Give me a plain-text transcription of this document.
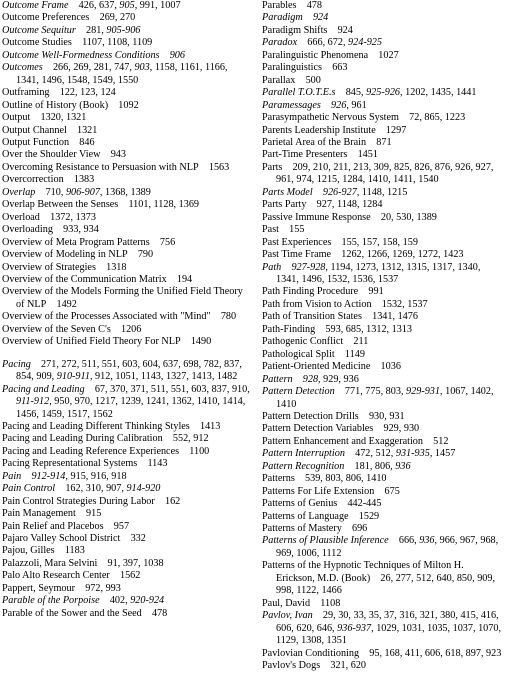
Outcome Frame  426, 637, 905, 991, 1007
Outcome Preferences  269, 270
Outcome Sequitur  281, 905-906
Outcome Studies  1107, 1108, 1109
Outcome Well-Formedness Conditions  906
Outcomes  266, 269, 281, 747, 903, 1158, 1161, 1166, 1341, 1496, 1548, 1549, 1550
Outframing  122, 123, 124
Outline of History (Book)  1092
Output  1320, 1321
Output Channel  1321
Output Function  846
Over the Shoulder View  943
Overcoming Resistance to Persuasion with NLP  1563
Overcorrection  1383
Overlap  710, 906-907, 1368, 1389
Overlap Between the Senses  1101, 1128, 1369
Overload  1372, 1373
Overloading  933, 934
Overview of Meta Program Patterns  756
Overview of Modeling in NLP  790
Overview of Strategies  1318
Overview of the Communication Matrix  194
Overview of the Models Forming the Unified Field Theory of NLP  1492
Overview of the Processes Associated with "Mind"  780
Overview of the Seven C's  1206
Overview of Unified Field Theory For NLP  1490
Pacing  271, 272, 511, 551, 603, 604, 637, 698, 782, 837, 854, 909, 910-911, 912, 1051, 1143, 1327, 1413, 1482
Pacing and Leading  67, 370, 371, 511, 551, 603, 837, 910, 911-912, 950, 970, 1217, 1239, 1241, 1362, 1410, 1414, 1456, 1459, 1517, 1562
Pacing and Leading Different Thinking Styles  1413
Pacing and Leading During Calibration  552, 912
Pacing and Leading Reference Experiences  1100
Pacing Representational Systems  1143
Pain  912-914, 915, 916, 918
Pain Control  162, 310, 907, 914-920
Pain Control Strategies During Labor  162
Pain Management  915
Pain Relief and Placebos  957
Pajaro Valley School District  332
Pajou, Gilles  1183
Palazzoli, Mara Selvini  91, 397, 1038
Palo Alto Research Center  1562
Pappert, Seymour  972, 993
Parable of the Porpoise  402, 920-924
Parable of the Sower and the Seed  478
Parables  478
Paradigm  924
Paradigm Shifts  924
Paradox  666, 672, 924-925
Paralinguistic Phenomena  1027
Paralinguistics  663
Parallax  500
Parallel T.O.T.E.s  845, 925-926, 1202, 1435, 1441
Paramessages  926, 961
Parasympathetic Nervous System  72, 865, 1223
Parents Leadership Institute  1297
Parietal Area of the Brain  871
Part-Time Presenters  1451
Parts  209, 210, 211, 213, 309, 825, 826, 876, 926, 927, 961, 974, 1215, 1284, 1410, 1411, 1540
Parts Model  926-927, 1148, 1215
Parts Party  927, 1148, 1284
Passive Immune Response  20, 530, 1389
Past  155
Past Experiences  155, 157, 158, 159
Past Time Frame  1262, 1266, 1269, 1272, 1423
Path  927-928, 1194, 1273, 1312, 1315, 1317, 1340, 1341, 1496, 1532, 1536, 1537
Path Finding Procedure  991
Path from Vision to Action  1532, 1537
Path of Transition States  1341, 1476
Path-Finding  593, 685, 1312, 1313
Pathogenic Conflict  211
Pathological Split  1149
Patient-Oriented Medicine  1036
Pattern  928, 929, 936
Pattern Detection  771, 775, 803, 929-931, 1067, 1402, 1410
Pattern Detection Drills  930, 931
Pattern Detection Variables  929, 930
Pattern Enhancement and Exaggeration  512
Pattern Interruption  472, 512, 931-935, 1457
Pattern Recognition  181, 806, 936
Patterns  539, 803, 806, 1410
Patterns For Life Extension  675
Patterns of Genius  442-445
Patterns of Language  1529
Patterns of Mastery  696
Patterns of Plausible Inference  666, 936, 966, 967, 968, 969, 1006, 1112
Patterns of the Hypnotic Techniques of Milton H. Erickson, M.D. (Book)  26, 277, 512, 640, 850, 909, 998, 1122, 1466
Paul, David  1108
Pavlov, Ivan  29, 30, 33, 35, 37, 316, 321, 380, 415, 416, 606, 620, 646, 936-937, 1029, 1031, 1035, 1037, 1070, 1129, 1308, 1351
Pavlovian Conditioning  95, 168, 411, 606, 618, 897, 923
Pavlov's Dogs  321, 620
